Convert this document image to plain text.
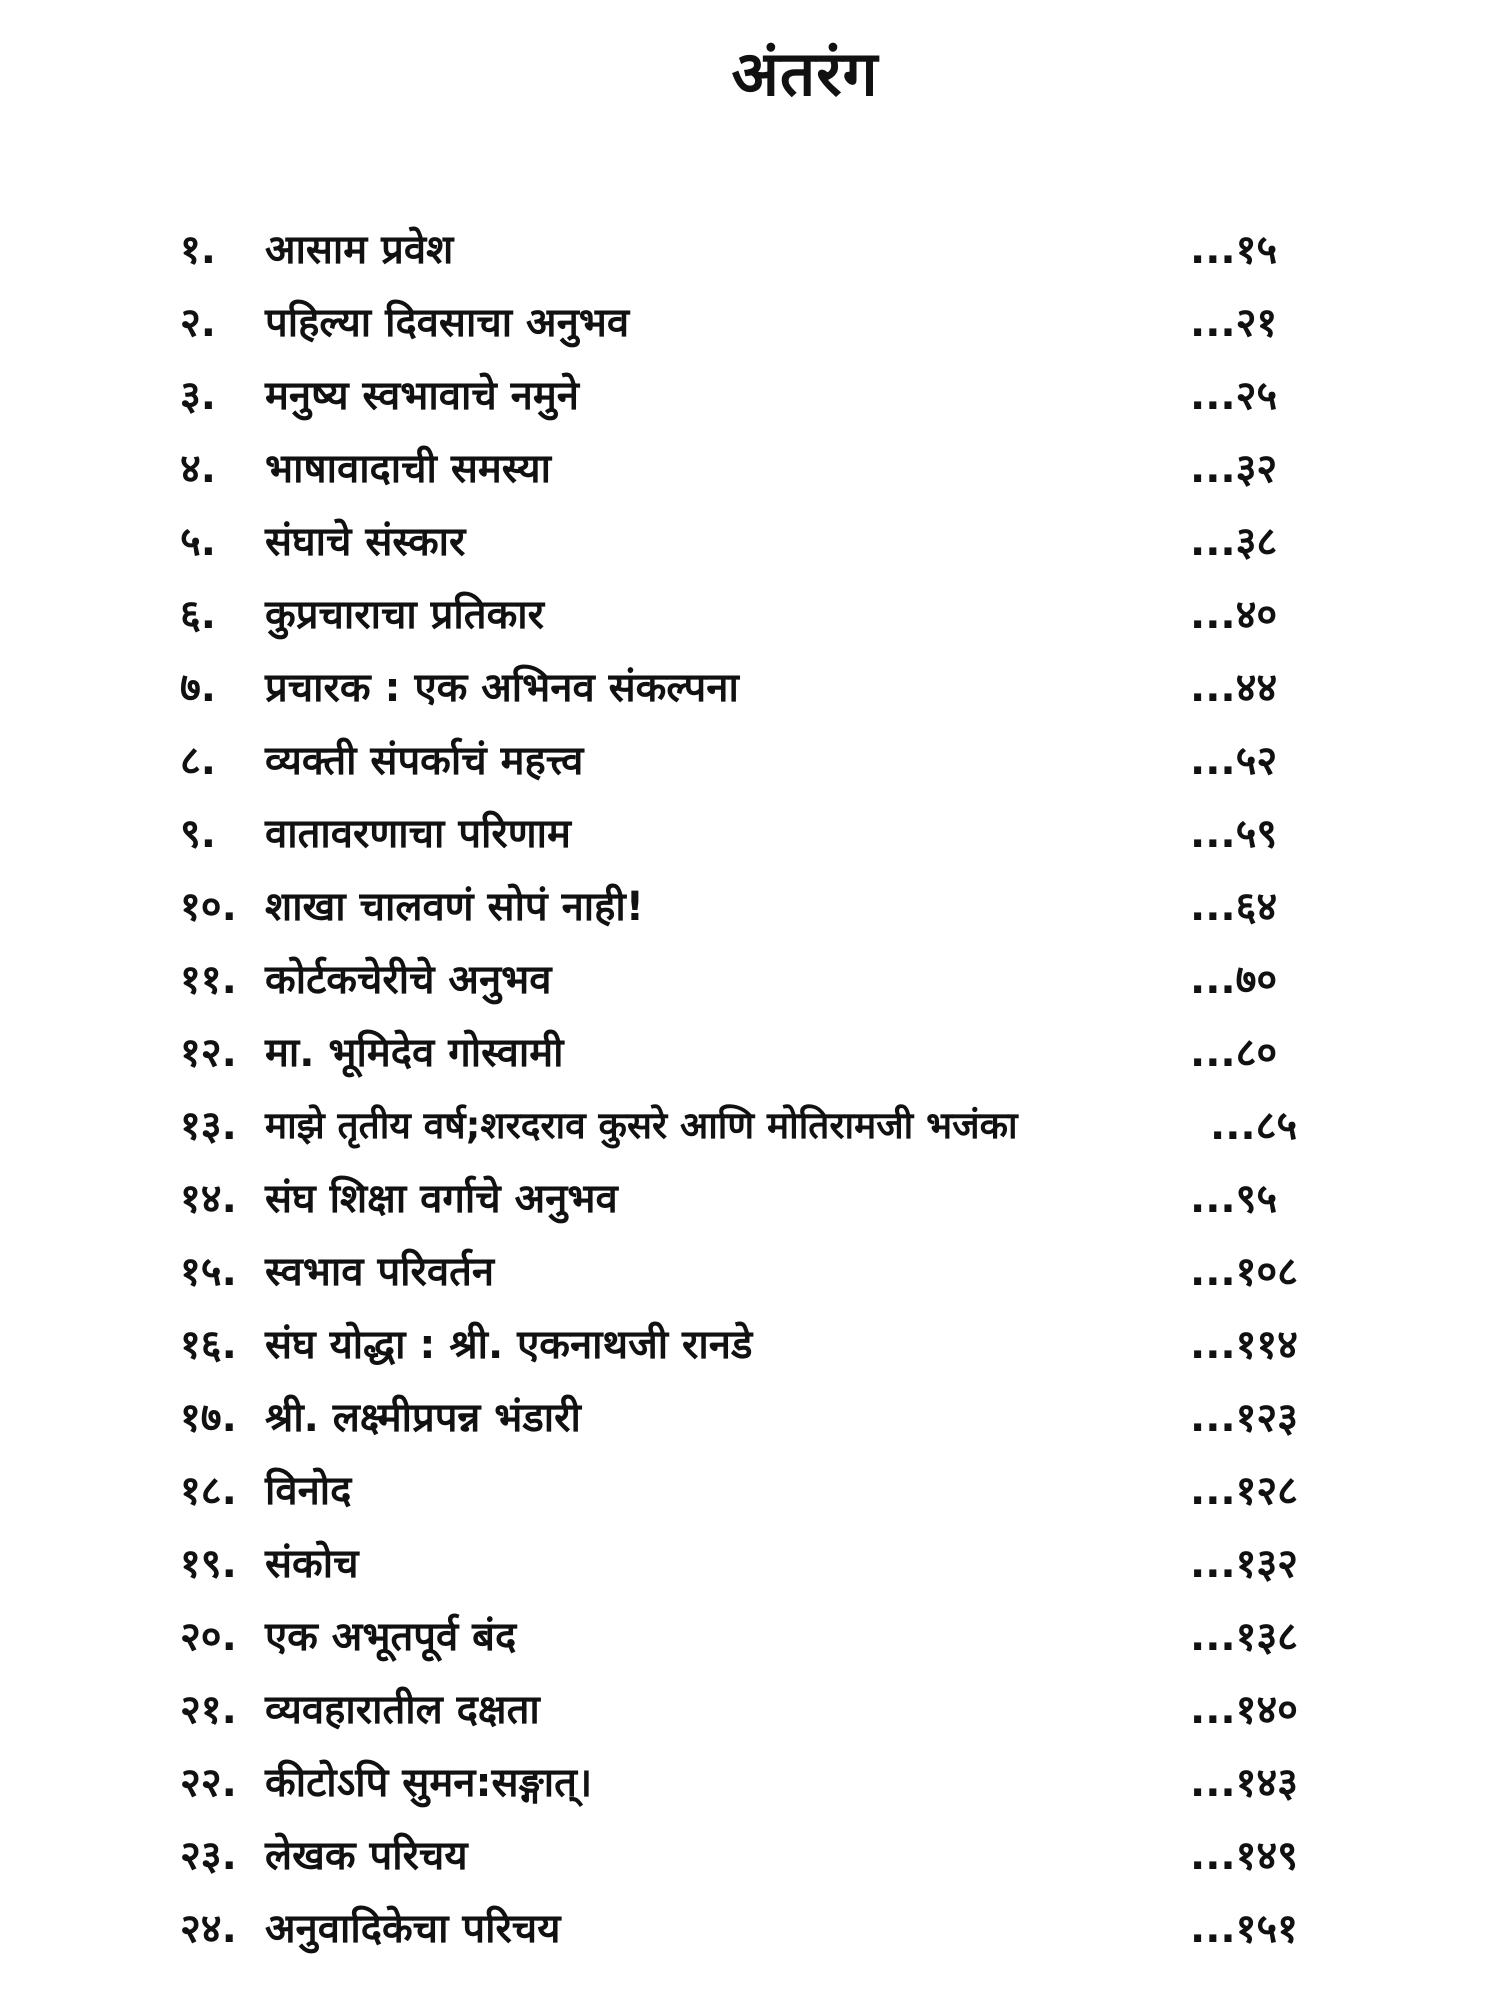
अंतरंग
१. आसाम प्रवेश	...१५
२. पहिल्या दिवसाचा अनुभव	...२१
३. मनुष्य स्वभावाचे नमुने	...२५
४. भाषावादाची समस्या	...३२
५. संघाचे संस्कार	...३८
६. कुप्रचाराचा प्रतिकार	...४०
७. प्रचारक : एक अभिनव संकल्पना	...४४
८. व्यक्ती संपर्काचं महत्त्व	...५२
९. वातावरणाचा परिणाम	...५९
१०. शाखा चालवणं सोपं नाही!	...६४
११. कोर्टकचेरीचे अनुभव	...७०
१२. मा. भूमिदेव गोस्वामी	...८०
१३. माझे तृतीय वर्ष;शरदराव कुसरे आणि मोतिरामजी भजंका	...८५
१४. संघ शिक्षा वर्गाचे अनुभव	...९५
१५. स्वभाव परिवर्तन	...१०८
१६. संघ योद्धा : श्री. एकनाथजी रानडे	...११४
१७. श्री. लक्ष्मीप्रपन्न भंडारी	...१२३
१८. विनोद	...१२८
१९. संकोच	...१३२
२०. एक अभूतपूर्व बंद	...१३८
२१. व्यवहारातील दक्षता	...१४०
२२. कीटोऽपि सुमन:सङ्गात्।	...१४३
२३. लेखक परिचय	...१४९
२४. अनुवादिकेचा परिचय	...१५१
